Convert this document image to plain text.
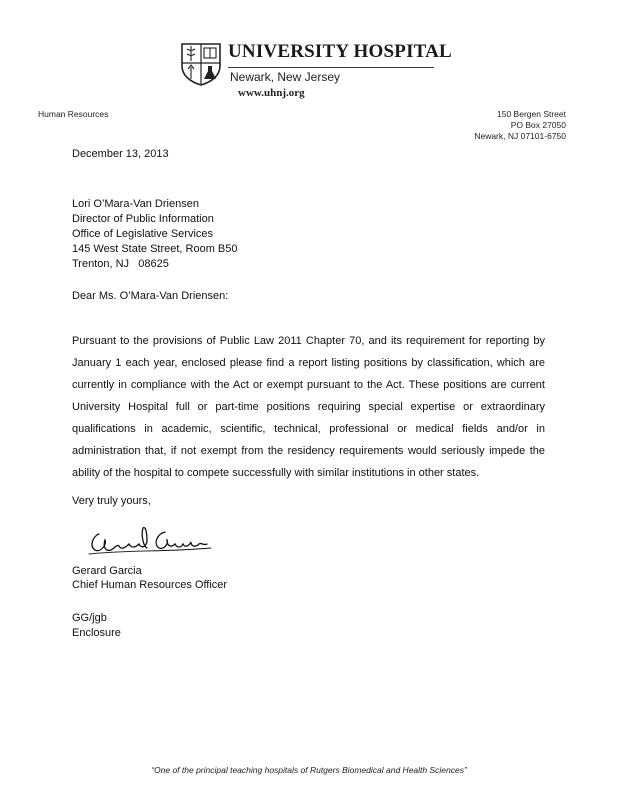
UNIVERSITY HOSPITAL
Newark, New Jersey
www.uhnj.org
Human Resources	150 Bergen Street
PO Box 27050
Newark, NJ 07101-6750
December 13, 2013
Lori O’Mara-Van Driensen
Director of Public Information
Office of Legislative Services
145 West State Street, Room B50
Trenton, NJ   08625
Dear Ms. O’Mara-Van Driensen:
Pursuant to the provisions of Public Law 2011 Chapter 70, and its requirement for reporting by January 1 each year, enclosed please find a report listing positions by classification, which are currently in compliance with the Act or exempt pursuant to the Act. These positions are current University Hospital full or part-time positions requiring special expertise or extraordinary qualifications in academic, scientific, technical, professional or medical fields and/or in administration that, if not exempt from the residency requirements would seriously impede the ability of the hospital to compete successfully with similar institutions in other states.
Very truly yours,
Gerard Garcia
Chief Human Resources Officer
GG/jgb
Enclosure
“One of the principal teaching hospitals of Rutgers Biomedical and Health Sciences”
